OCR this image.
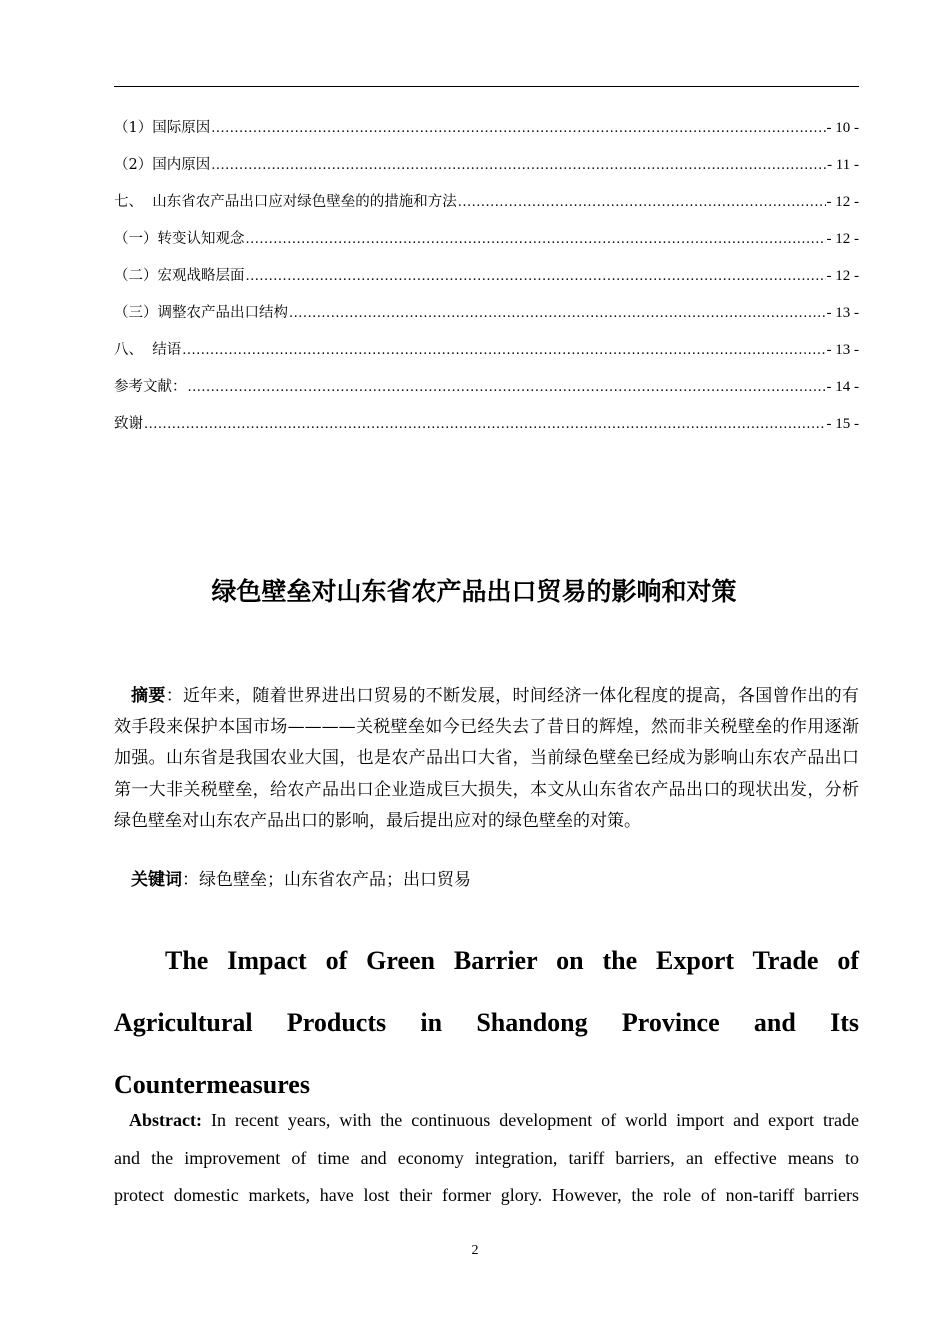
（1）国际原因 .....	- 10 -
（2）国内原因 .....	- 11 -
七、  山东省农产品出口应对绿色壁垒的的措施和方法 .....	- 12 -
（一）转变认知观念 .....	- 12 -
（二）宏观战略层面 .....	- 12 -
（三）调整农产品出口结构 .....	- 13 -
八、  结语 .....	- 13 -
参考文献： .....	- 14 -
致谢 .....	- 15 -
绿色壁垒对山东省农产品出口贸易的影响和对策

摘要：近年来，随着世界进出口贸易的不断发展，时间经济一体化程度的提高，各国曾作出的有效手段来保护本国市场————关税壁垒如今已经失去了昔日的辉煌，然而非关税壁垒的作用逐渐加强。山东省是我国农业大国，也是农产品出口大省，当前绿色壁垒已经成为影响山东农产品出口第一大非关税壁垒，给农产品出口企业造成巨大损失，本文从山东省农产品出口的现状出发，分析绿色壁垒对山东农产品出口的影响，最后提出应对的绿色壁垒的对策。

关键词：绿色壁垒；山东省农产品；出口贸易
The Impact of Green Barrier on the Export Trade of
Agricultural Products in Shandong Province and Its
Countermeasures
Abstract: In recent years, with the continuous development of world import and export trade
and the improvement of time and economy integration, tariff barriers, an effective means to
protect domestic markets, have lost their former glory. However, the role of non-tariff barriers
2
